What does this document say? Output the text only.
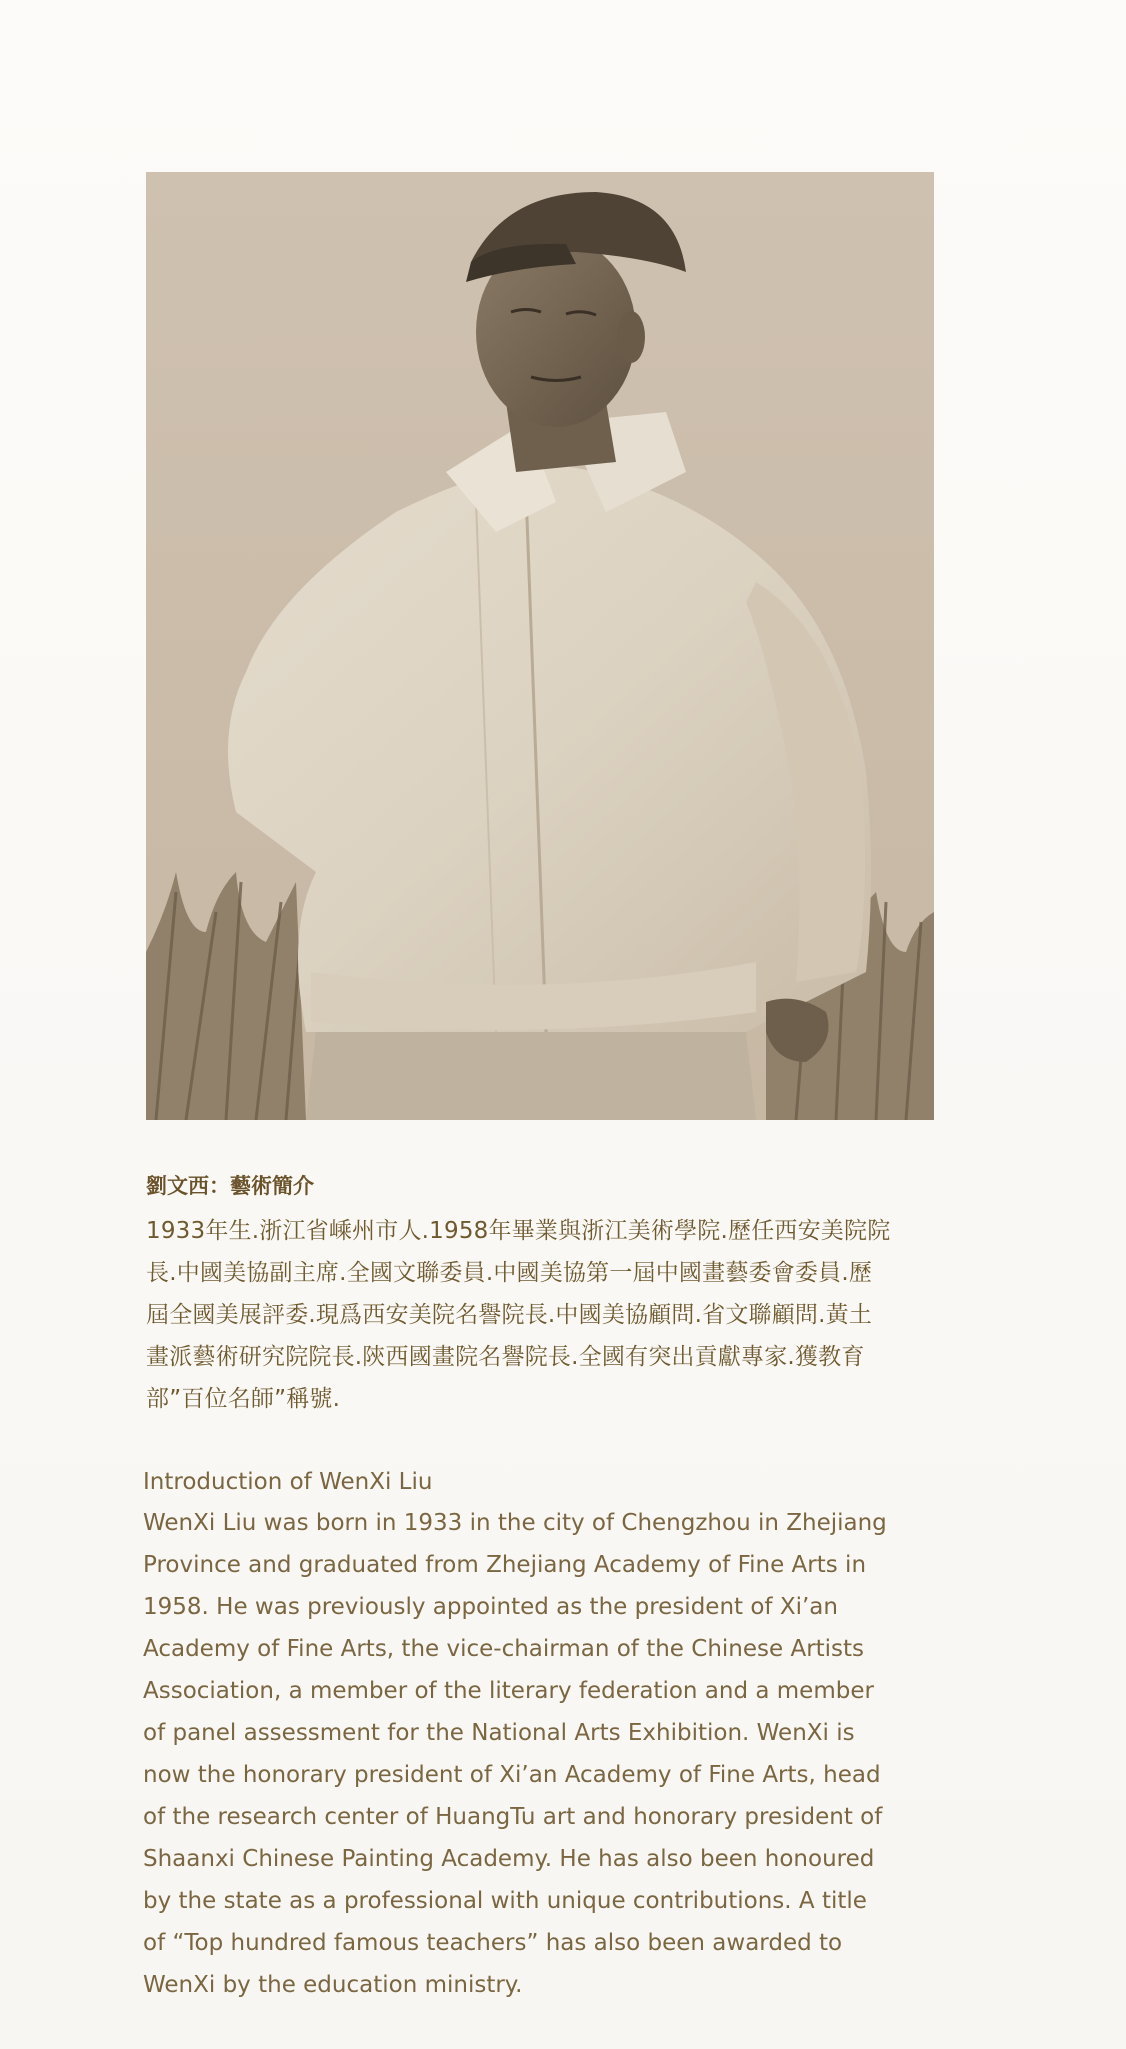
劉文西：藝術簡介
1933年生.浙江省嵊州市人.1958年畢業與浙江美術學院.歷任西安美院院
長.中國美協副主席.全國文聯委員.中國美協第一屆中國畫藝委會委員.歷
屆全國美展評委.現爲西安美院名譽院長.中國美協顧問.省文聯顧問.黃土
畫派藝術研究院院長.陝西國畫院名譽院長.全國有突出貢獻專家.獲教育
部”百位名師”稱號.
Introduction of WenXi Liu
WenXi Liu was born in 1933 in the city of Chengzhou in Zhejiang
Province and graduated from Zhejiang Academy of Fine Arts in
1958. He was previously appointed as the president of Xi’an
Academy of Fine Arts, the vice-chairman of the Chinese Artists
Association, a member of the literary federation and a member
of panel assessment for the National Arts Exhibition. WenXi is
now the honorary president of Xi’an Academy of Fine Arts, head
of the research center of HuangTu art and honorary president of
Shaanxi Chinese Painting Academy. He has also been honoured
by the state as a professional with unique contributions. A title
of “Top hundred famous teachers” has also been awarded to
WenXi by the education ministry.
